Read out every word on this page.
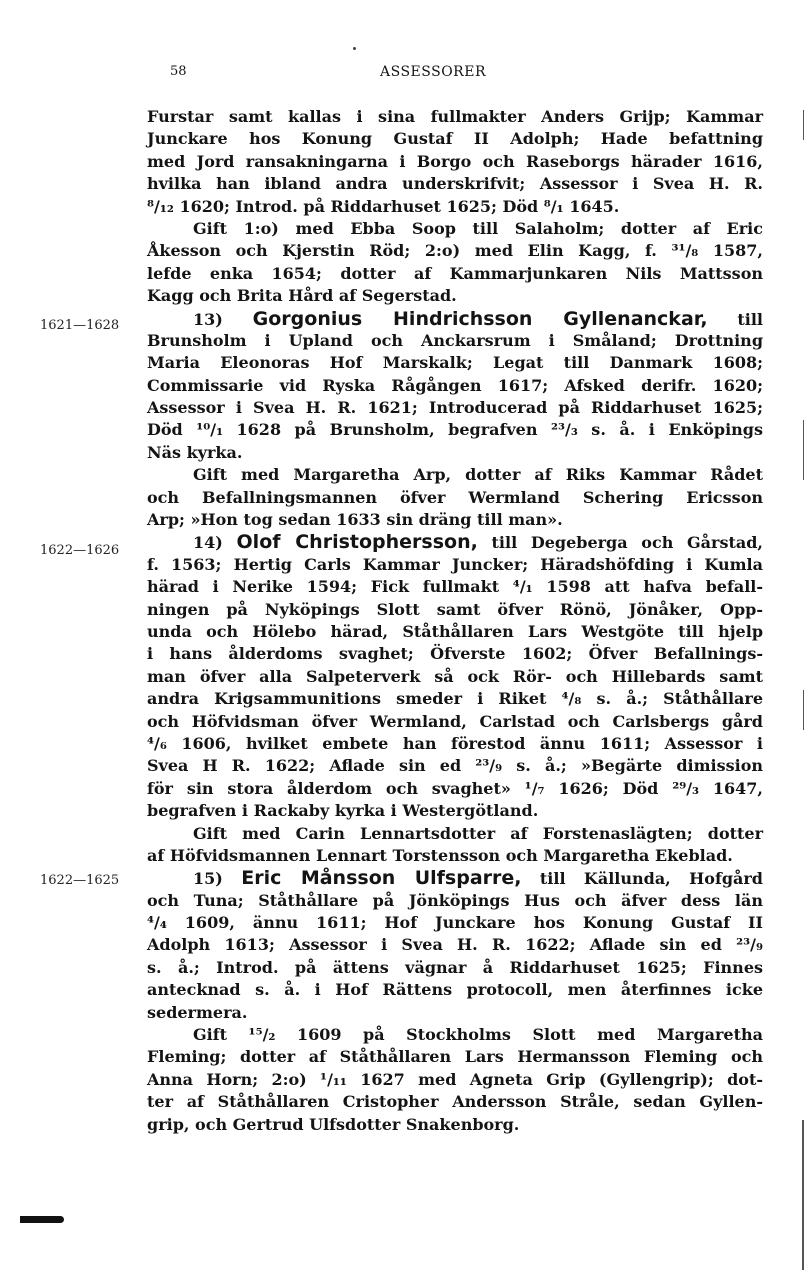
58	ASSESSORER
1621—1628
1622—1626
1622—1625
Furstar samt kallas i sina fullmakter Anders Grijp; Kammar
Junckare hos Konung Gustaf II Adolph; Hade befattning
med Jord ransakningarna i Borgo och Raseborgs härader 1616,
hvilka han ibland andra underskrifvit; Assessor i Svea H. R.
⁸/₁₂ 1620; Introd. på Riddarhuset 1625; Död ⁸/₁ 1645.
Gift 1:o) med Ebba Soop till Salaholm; dotter af Eric
Åkesson och Kjerstin Röd; 2:o) med Elin Kagg, f. ³¹/₈ 1587,
lefde enka 1654; dotter af Kammarjunkaren Nils Mattsson
Kagg och Brita Hård af Segerstad.
13) Gorgonius Hindrichsson Gyllenanckar, till
Brunsholm i Upland och Anckarsrum i Småland; Drottning
Maria Eleonoras Hof Marskalk; Legat till Danmark 1608;
Commissarie vid Ryska Rågången 1617; Afsked derifr. 1620;
Assessor i Svea H. R. 1621; Introducerad på Riddarhuset 1625;
Död ¹⁰/₁ 1628 på Brunsholm, begrafven ²³/₃ s. å. i Enköpings
Näs kyrka.
Gift med Margaretha Arp, dotter af Riks Kammar Rådet
och Befallningsmannen öfver Wermland Schering Ericsson
Arp; »Hon tog sedan 1633 sin dräng till man».
14) Olof Christophersson, till Degeberga och Gårstad,
f. 1563; Hertig Carls Kammar Juncker; Häradshöfding i Kumla
härad i Nerike 1594; Fick fullmakt ⁴/₁ 1598 att hafva befall-
ningen på Nyköpings Slott samt öfver Rönö, Jönåker, Opp-
unda och Hölebo härad, Ståthållaren Lars Westgöte till hjelp
i hans ålderdoms svaghet; Öfverste 1602; Öfver Befallnings-
man öfver alla Salpeterverk så ock Rör- och Hillebards samt
andra Krigsammunitions smeder i Riket ⁴/₈ s. å.; Ståthållare
och Höfvidsman öfver Wermland, Carlstad och Carlsbergs gård
⁴/₆ 1606, hvilket embete han förestod ännu 1611; Assessor i
Svea H R. 1622; Aflade sin ed ²³/₉ s. å.; »Begärte dimission
för sin stora ålderdom och svaghet» ¹/₇ 1626; Död ²⁹/₃ 1647,
begrafven i Rackaby kyrka i Westergötland.
Gift med Carin Lennartsdotter af Forstenaslägten; dotter
af Höfvidsmannen Lennart Torstensson och Margaretha Ekeblad.
15) Eric Månsson Ulfsparre, till Källunda, Hofgård
och Tuna; Ståthållare på Jönköpings Hus och äfver dess län
⁴/₄ 1609, ännu 1611; Hof Junckare hos Konung Gustaf II
Adolph 1613; Assessor i Svea H. R. 1622; Aflade sin ed ²³/₉
s. å.; Introd. på ättens vägnar å Riddarhuset 1625; Finnes
antecknad s. å. i Hof Rättens protocoll, men återfinnes icke
sedermera.
Gift ¹⁵/₂ 1609 på Stockholms Slott med Margaretha
Fleming; dotter af Ståthållaren Lars Hermansson Fleming och
Anna Horn; 2:o) ¹/₁₁ 1627 med Agneta Grip (Gyllengrip); dot-
ter af Ståthållaren Cristopher Andersson Stråle, sedan Gyllen-
grip, och Gertrud Ulfsdotter Snakenborg.
